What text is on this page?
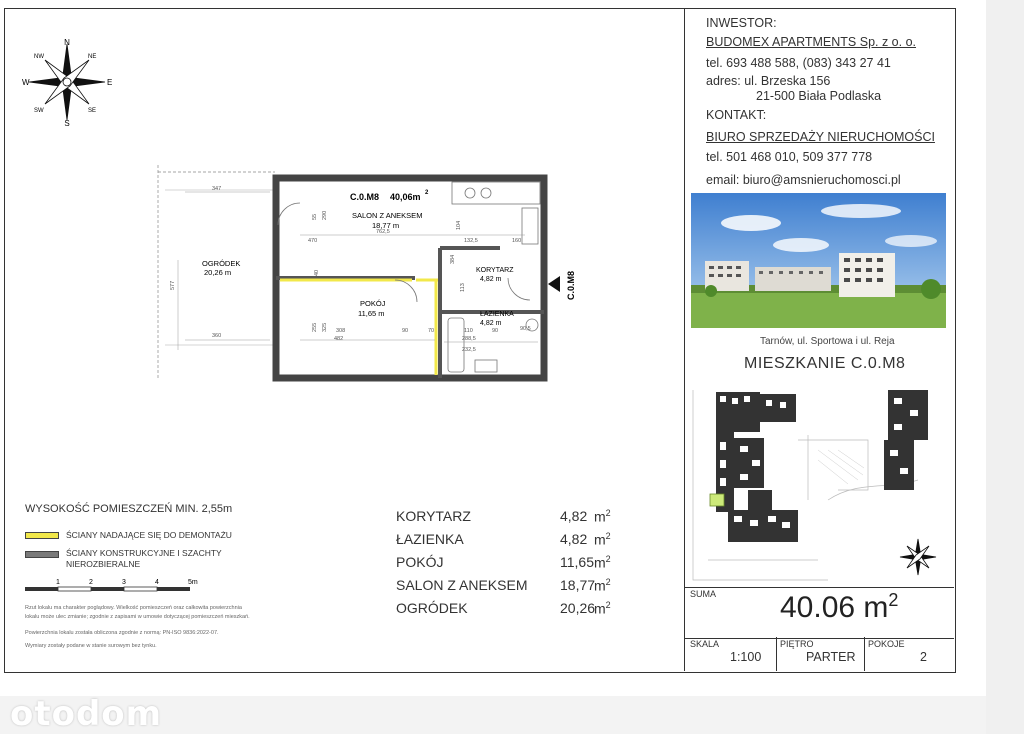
otodom
N
S
E
W
NW	NE
SW	SE
C.0.M8 40,06m 2
SALON Z ANEKSEM
18,77 m
POKÓJ
11,65 m
KORYTARZ
4,82 m
ŁAZIENKA
4,82 m
OGRÓDEK
20,26 m	C.0.M8
347
577
360
470
762,5
132,5	160
308
482
90	70
288,5
232,5
90,5
110	90
384
113
255 325
290
55
40
104
WYSOKOŚĆ POMIESZCZEŃ MIN. 2,55m
ŚCIANY NADAJĄCE SIĘ DO DEMONTAŻU
ŚCIANY KONSTRUKCYJNE I SZACHTY
NIEROZBIERALNE
1	2	3	4	5m
Rzut lokalu ma charakter poglądowy. Wielkość pomieszczeń oraz całkowita powierzchnia
lokalu może ulec zmianie; zgodnie z zapisami w umowie dotyczącej pomieszczeń mieszkań.
Powierzchnia lokalu została obliczona zgodnie z normą: PN-ISO 9836:2022-07.
Wymiary zostały podane w stanie surowym bez tynku.
KORYTARZ	4,82 $m^2$
ŁAZIENKA	4,82 $m^2$
POKÓJ	11,65 $m^2$
SALON Z ANEKSEM 18,77
$m^2$
OGRÓDEK	20,26
$m^2$
INWESTOR:
BUDOMEX APARTMENTS Sp. z o. o.
tel. 693 488 588, (083) 343 27 41
adres: ul. Brzeska 156
21-500 Biała Podlaska
KONTAKT:
BIURO SPRZEDAŻY NIERUCHOMOŚCI
tel. 501 468 010, 509 377 778
email: biuro@amsnieruchomosci.pl
Tarnów, ul. Sportowa i ul. Reja
MIESZKANIE C.0.M8
SUMA 40.06 $m^2$
SKALA
1:100
PIĘTRO
PARTER
POKOJE
2
